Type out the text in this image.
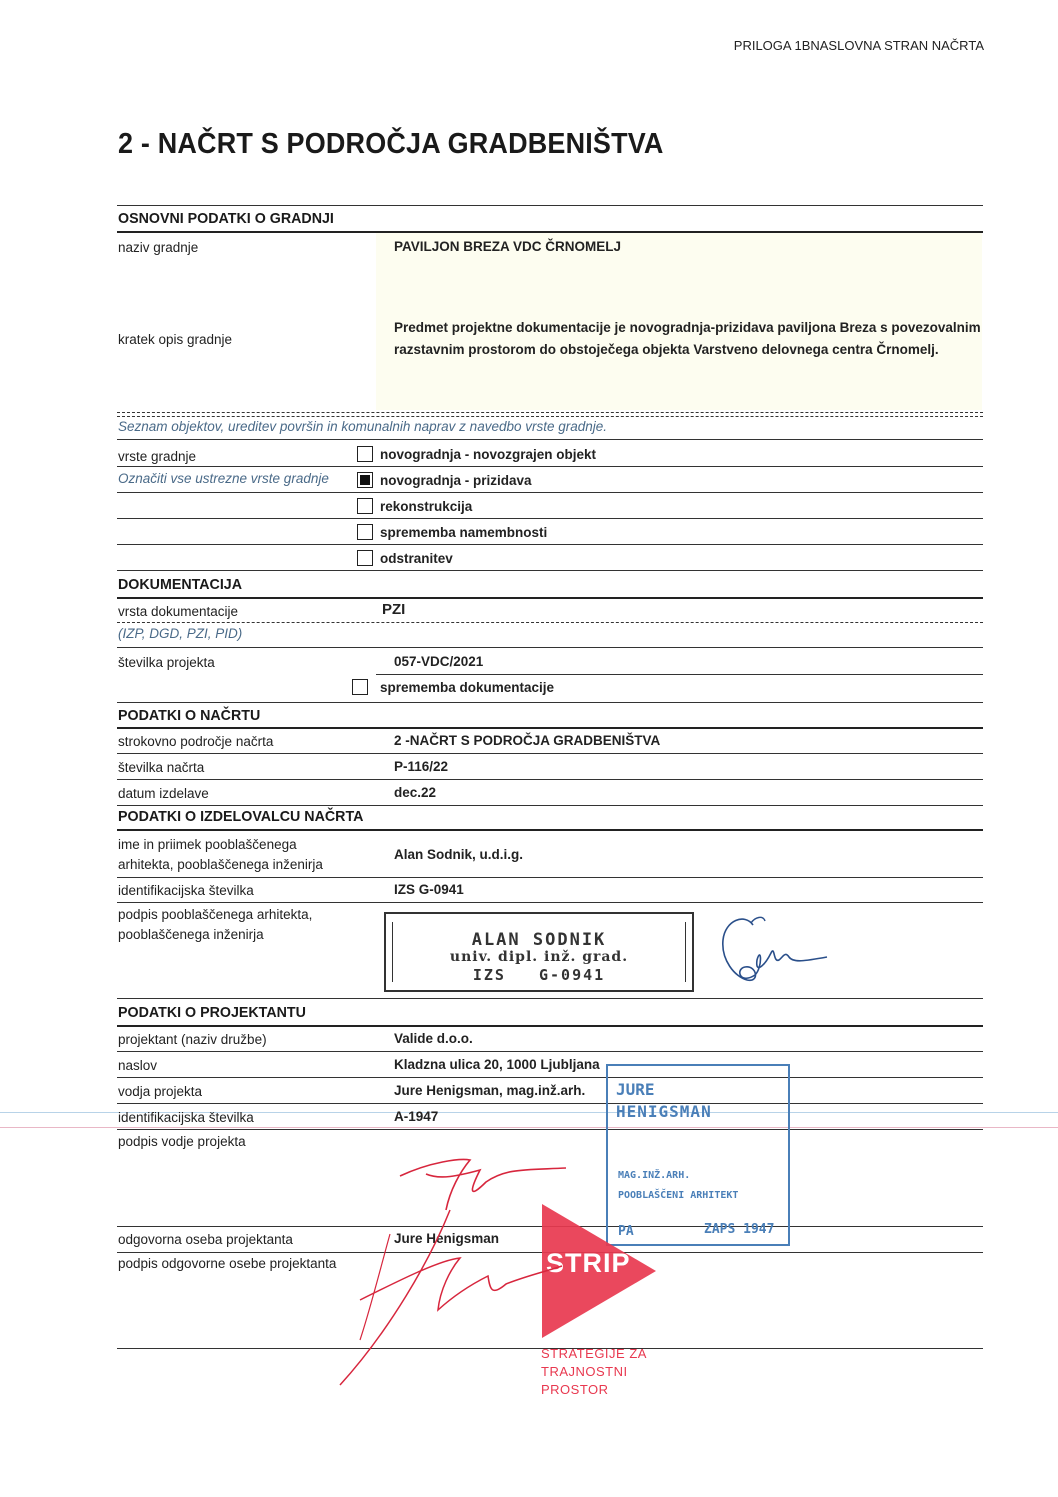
PRILOGA 1BNASLOVNA STRAN NAČRTA
2 - NAČRT S PODROČJA GRADBENIŠTVA
OSNOVNI PODATKI O GRADNJI
naziv gradnje	PAVILJON BREZA VDC ČRNOMELJ
kratek opis gradnje
Predmet projektne dokumentacije je novogradnja-prizidava paviljona Breza s povezovalnim
razstavnim prostorom do obstoječega objekta Varstveno delovnega centra Črnomelj.
Seznam objektov, ureditev površin in komunalnih naprav z navedbo vrste gradnje.
vrste gradnje
Označiti vse ustrezne vrste gradnje
novogradnja - novozgrajen objekt
novogradnja - prizidava
rekonstrukcija
sprememba namembnosti
odstranitev
DOKUMENTACIJA
vrsta dokumentacije	PZI
(IZP, DGD, PZI, PID)
številka projekta	057-VDC/2021
sprememba dokumentacije
PODATKI O NAČRTU
strokovno področje načrta	2 -NAČRT S PODROČJA GRADBENIŠTVA
številka načrta	P-116/22
datum izdelave	dec.22
PODATKI O IZDELOVALCU NAČRTA
ime in priimek pooblaščenega
arhitekta, pooblaščenega inženirja
Alan Sodnik, u.d.i.g.
identifikacijska številka	IZS G-0941
podpis pooblaščenega arhitekta,
pooblaščenega inženirja	ALAN SODNIK
univ. dipl. inž. grad.
IZS   G-0941
PODATKI O PROJEKTANTU
projektant (naziv družbe)	Valide d.o.o.
naslov	Kladzna ulica 20, 1000 Ljubljana
vodja projekta	Jure Henigsman, mag.inž.arh.
identifikacijska številka	A-1947
podpis vodje projekta
odgovorna oseba projektanta	Jure Henigsman
podpis odgovorne osebe projektanta
JURE
HENIGSMAN
MAG.INŽ.ARH.
POOBLAŠČENI ARHITEKT
PA	ZAPS 1947
STRIP
STRATEGIJE ZA
TRAJNOSTNI
PROSTOR
